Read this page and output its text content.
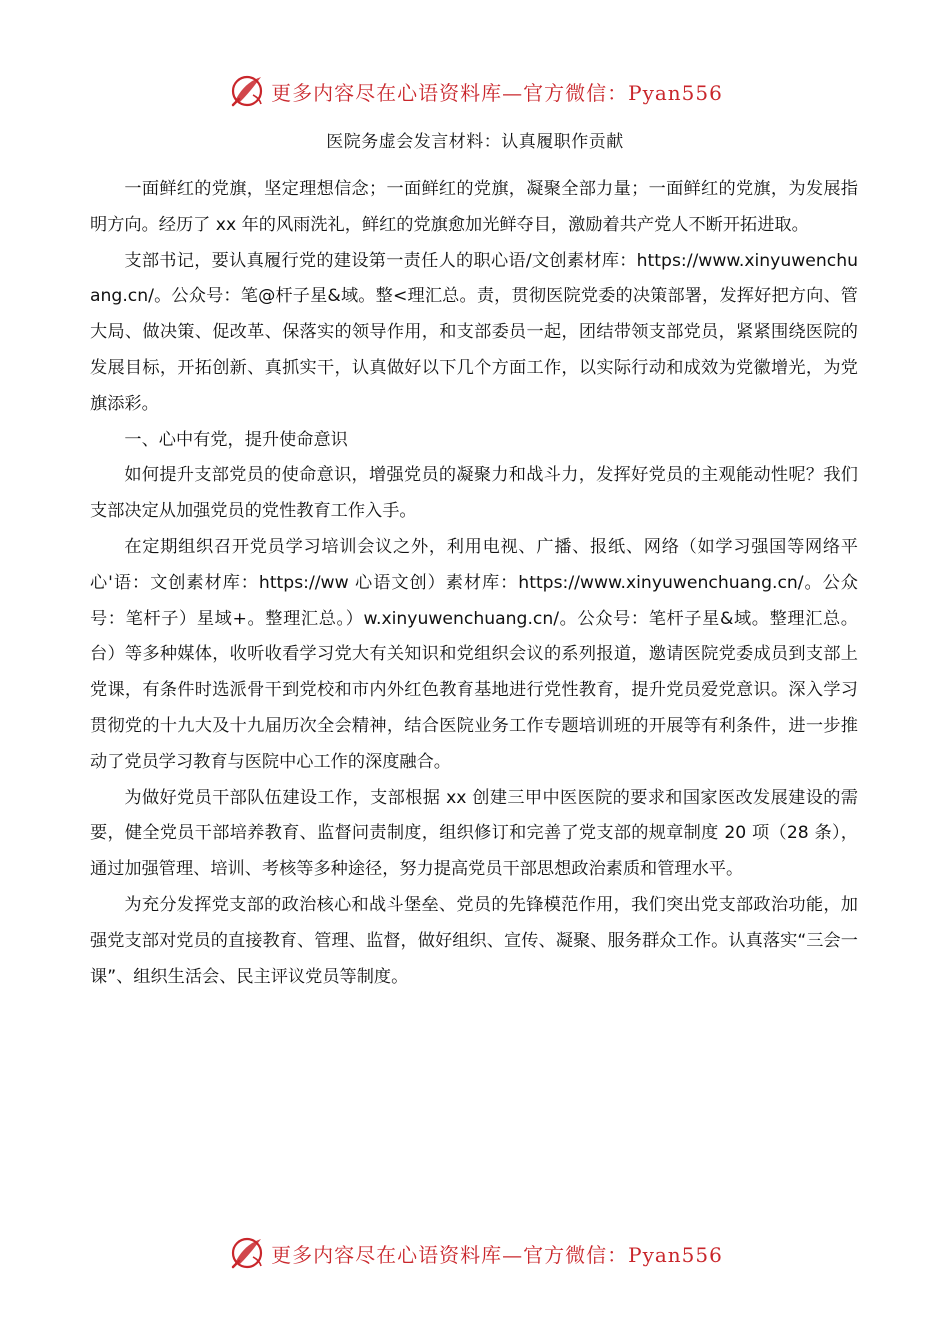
更多内容尽在心语资料库—官方微信：Pyan556
医院务虚会发言材料：认真履职作贡献

一面鲜红的党旗，坚定理想信念；一面鲜红的党旗，凝聚全部力量；一面鲜红的党旗，为发展指明方向。经历了 xx 年的风雨洗礼，鲜红的党旗愈加光鲜夺目，激励着共产党人不断开拓进取。

支部书记，要认真履行党的建设第一责任人的职心语/文创素材库：https://www.xinyuwenchuang.cn/。公众号：笔@杆子星&域。整<理汇总。责，贯彻医院党委的决策部署，发挥好把方向、管大局、做决策、促改革、保落实的领导作用，和支部委员一起，团结带领支部党员，紧紧围绕医院的发展目标，开拓创新、真抓实干，认真做好以下几个方面工作，以实际行动和成效为党徽增光，为党旗添彩。

一、心中有党，提升使命意识

如何提升支部党员的使命意识，增强党员的凝聚力和战斗力，发挥好党员的主观能动性呢？我们支部决定从加强党员的党性教育工作入手。

在定期组织召开党员学习培训会议之外，利用电视、广播、报纸、网络（如学习强国等网络平心'语：文创素材库：https://ww 心语文创）素材库：https://www.xinyuwenchuang.cn/。公众号：笔杆子）星域+。整理汇总。）w.xinyuwenchuang.cn/。公众号：笔杆子星&域。整理汇总。台）等多种媒体，收听收看学习党大有关知识和党组织会议的系列报道，邀请医院党委成员到支部上党课，有条件时选派骨干到党校和市内外红色教育基地进行党性教育，提升党员爱党意识。深入学习贯彻党的十九大及十九届历次全会精神，结合医院业务工作专题培训班的开展等有利条件，进一步推动了党员学习教育与医院中心工作的深度融合。

为做好党员干部队伍建设工作，支部根据 xx 创建三甲中医医院的要求和国家医改发展建设的需要，健全党员干部培养教育、监督问责制度，组织修订和完善了党支部的规章制度 20 项（28 条），通过加强管理、培训、考核等多种途径，努力提高党员干部思想政治素质和管理水平。

为充分发挥党支部的政治核心和战斗堡垒、党员的先锋模范作用，我们突出党支部政治功能，加强党支部对党员的直接教育、管理、监督，做好组织、宣传、凝聚、服务群众工作。认真落实“三会一课”、组织生活会、民主评议党员等制度。

更多内容尽在心语资料库—官方微信：Pyan556
